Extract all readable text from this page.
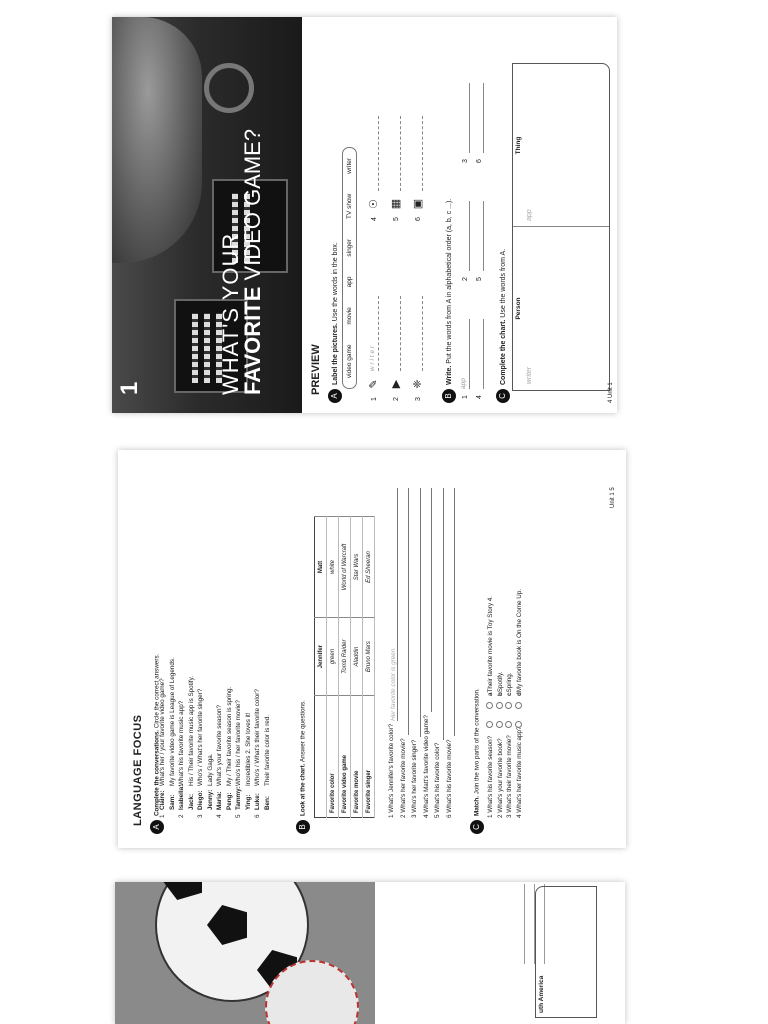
1	WHAT'S YOUR
FAVORITE VIDEO GAME?
PREVIEW
ALabel the pictures. Use the words in the box.
video game
movie
app
singer
TV show
writer
1
✎
w r i t e r
2
▶
3
❈
4
☉
5
▦
6
▣
BWrite. Put the words from A in alphabetical order (a, b, c ...).
1
app
2
3
4
5
6
CComplete the chart. Use the words from A.	Person
writer
Thing
app
4 Unit 1
LANGUAGE FOCUS
AComplete the conversations. Circle the correct answers.
1Claire:What's her / your favorite video game?
Sam:My favorite video game is League of Legends.
2Isabella:What's his favorite music app?
Jack:His / Their favorite music app is Spotify.
3Diego:Who's / What's her favorite singer?
Jenny:Lady Gaga.
4Maria:What's your favorite season?
Peng:My / Their favorite season is spring.
5Tammy:Who's his / her favorite movie?
Ying:Incredibles 2. She loves it!
6Luke:Who's / What's their favorite color?
Ben:Their favorite color is red.
BLook at the chart. Answer the questions.
	Jennifer	Matt
Favorite color	green	white
Favorite video game	Tomb Raider	World of Warcraft
Favorite movie	Aladdin	Star Wars
Favorite singer	Bruno Mars	Ed Sheeran
1 What's Jennifer's favorite color?
Her favorite color is green.
2 What's her favorite movie?
3 Who's her favorite singer?
4 What's Matt's favorite video game?
5 What's his favorite color?
6 What's his favorite movie?
CMatch. Join the two parts of the conversation.
1 What's his favorite season?
a
Their favorite movie is Toy Story 4.
2 What's your favorite book?
b
Spotify.
3 What's their favorite movie?
c
Spring.
4 What's her favorite music app?
d
My favorite book is On the Come Up.
Unit 1 5
uth America
